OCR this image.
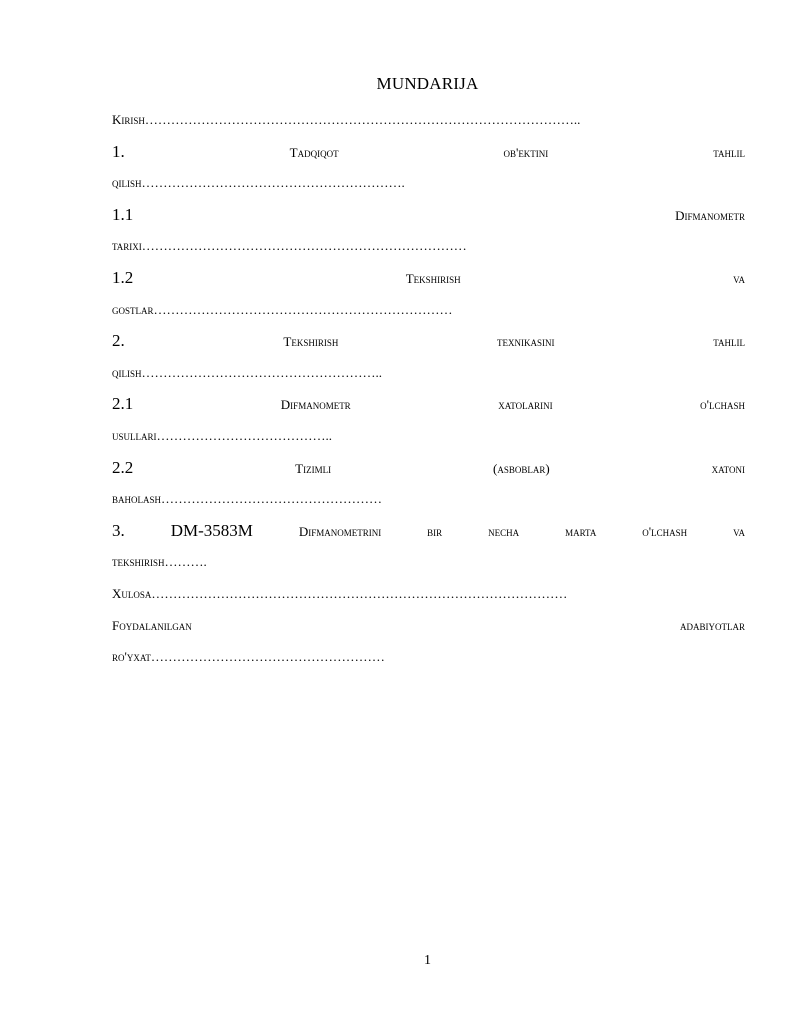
MUNDARIJA
Kirish ………………………………………………………………………………………..
1.	Tadqiqot	ob'ektini	tahlil
qilish …………………………………………………….
1.1	Difmanometr
tarixi …………………………………………………………………
1.2	Tekshirish	va
gostlar ……………………………………………………………
2.	Tekshirish	texnikasini	tahlil
qilish ………………………………………………..
2.1	Difmanometr	xatolarini	o'lchash
usullari …………………………………..
2.2	Tizimli	(asboblar)	xatoni
baholash ……………………………………………
3.	DM-3583M	Difmanometrini	bir	necha	marta	o'lchash	va
tekshirish ……….
Xulosa ……………………………………………………………………………………
Foydalanilgan	adabiyotlar
ro'yxat ………………………………………………
1
